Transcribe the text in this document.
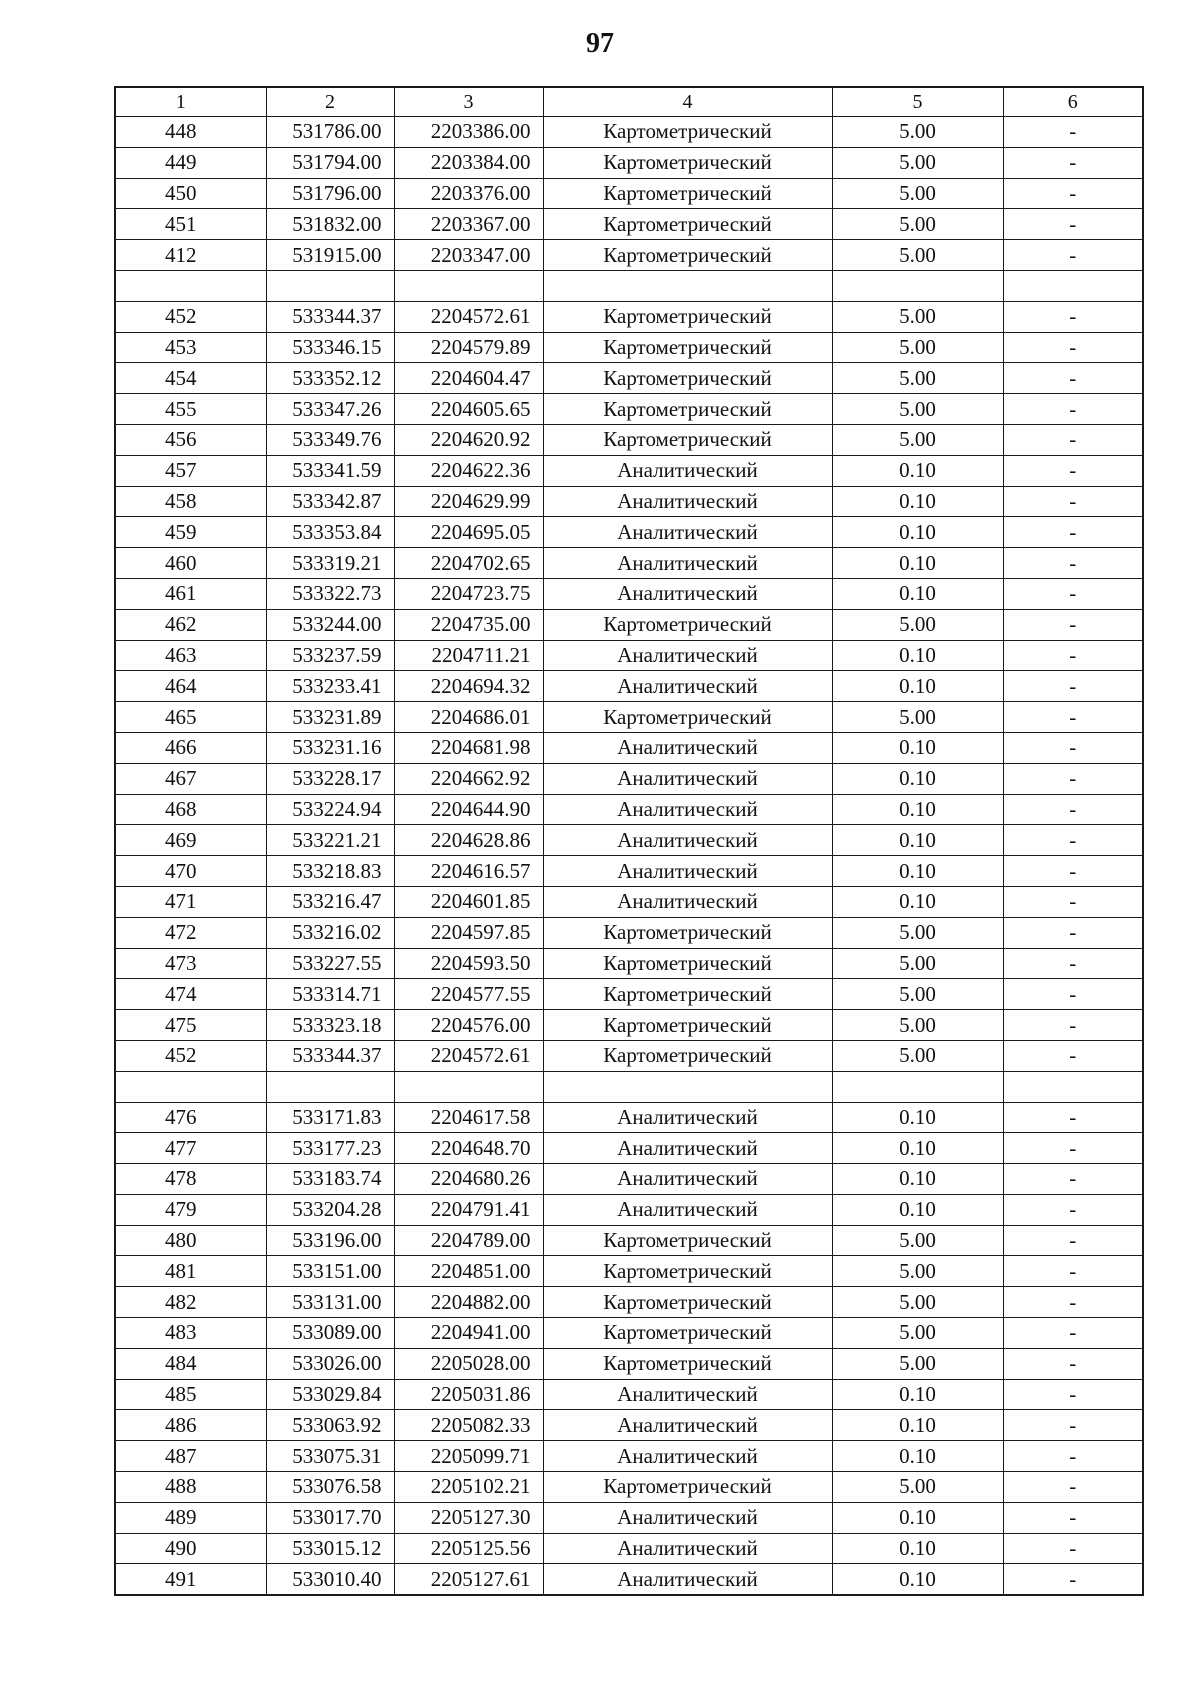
97
1	2	3	4	5	6
448	531786.00	2203386.00	Картометрический	5.00	-
449	531794.00	2203384.00	Картометрический	5.00	-
450	531796.00	2203376.00	Картометрический	5.00	-
451	531832.00	2203367.00	Картометрический	5.00	-
412	531915.00	2203347.00	Картометрический	5.00	-

452	533344.37	2204572.61	Картометрический	5.00	-
453	533346.15	2204579.89	Картометрический	5.00	-
454	533352.12	2204604.47	Картометрический	5.00	-
455	533347.26	2204605.65	Картометрический	5.00	-
456	533349.76	2204620.92	Картометрический	5.00	-
457	533341.59	2204622.36	Аналитический	0.10	-
458	533342.87	2204629.99	Аналитический	0.10	-
459	533353.84	2204695.05	Аналитический	0.10	-
460	533319.21	2204702.65	Аналитический	0.10	-
461	533322.73	2204723.75	Аналитический	0.10	-
462	533244.00	2204735.00	Картометрический	5.00	-
463	533237.59	2204711.21	Аналитический	0.10	-
464	533233.41	2204694.32	Аналитический	0.10	-
465	533231.89	2204686.01	Картометрический	5.00	-
466	533231.16	2204681.98	Аналитический	0.10	-
467	533228.17	2204662.92	Аналитический	0.10	-
468	533224.94	2204644.90	Аналитический	0.10	-
469	533221.21	2204628.86	Аналитический	0.10	-
470	533218.83	2204616.57	Аналитический	0.10	-
471	533216.47	2204601.85	Аналитический	0.10	-
472	533216.02	2204597.85	Картометрический	5.00	-
473	533227.55	2204593.50	Картометрический	5.00	-
474	533314.71	2204577.55	Картометрический	5.00	-
475	533323.18	2204576.00	Картометрический	5.00	-
452	533344.37	2204572.61	Картометрический	5.00	-

476	533171.83	2204617.58	Аналитический	0.10	-
477	533177.23	2204648.70	Аналитический	0.10	-
478	533183.74	2204680.26	Аналитический	0.10	-
479	533204.28	2204791.41	Аналитический	0.10	-
480	533196.00	2204789.00	Картометрический	5.00	-
481	533151.00	2204851.00	Картометрический	5.00	-
482	533131.00	2204882.00	Картометрический	5.00	-
483	533089.00	2204941.00	Картометрический	5.00	-
484	533026.00	2205028.00	Картометрический	5.00	-
485	533029.84	2205031.86	Аналитический	0.10	-
486	533063.92	2205082.33	Аналитический	0.10	-
487	533075.31	2205099.71	Аналитический	0.10	-
488	533076.58	2205102.21	Картометрический	5.00	-
489	533017.70	2205127.30	Аналитический	0.10	-
490	533015.12	2205125.56	Аналитический	0.10	-
491	533010.40	2205127.61	Аналитический	0.10	-
